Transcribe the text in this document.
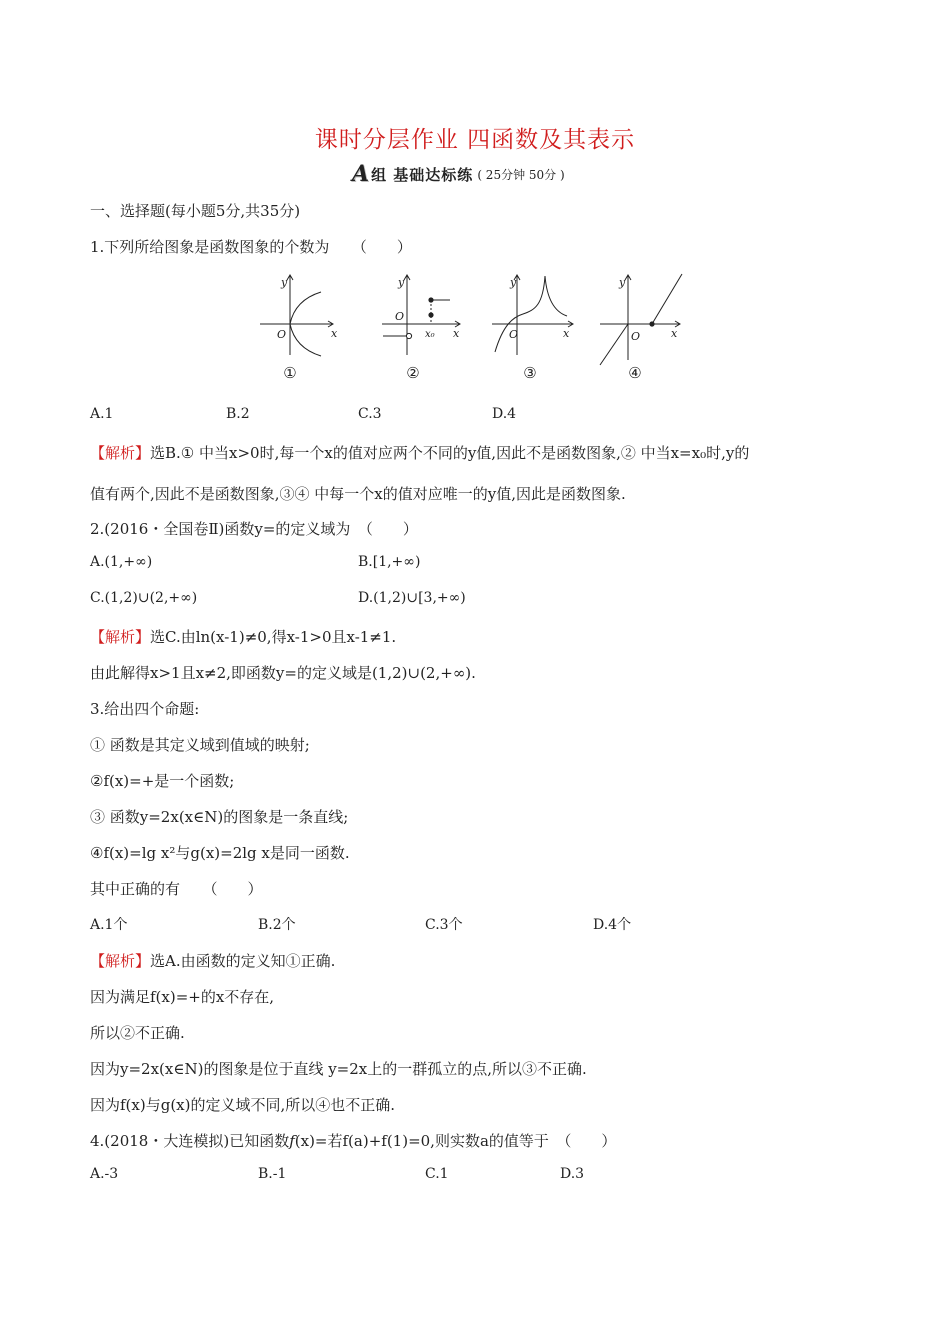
课时分层作业 四函数及其表示
A 组 基础达标练 ( 25分钟 50分 )
一、选择题(每小题5分,共35分)
1.下列所给图象是函数图象的个数为　　（　　）
y
x
O
y
x
O
x₀
y
x
O
y
x
O
①	②	③	④
A.1	B.2	C.3	D.4
【解析】选B.① 中当x>0时,每一个x的值对应两个不同的y值,因此不是函数图象,② 中当x=x₀时,y的
值有两个,因此不是函数图象,③④ 中每一个x的值对应唯一的y值,因此是函数图象.
2.(2016・全国卷Ⅱ)函数y=的定义域为　（　　）
A.(1,+∞)	B.[1,+∞)
C.(1,2)∪(2,+∞)	D.(1,2)∪[3,+∞)
【解析】选C.由ln(x-1)≠0,得x-1>0且x-1≠1.
由此解得x>1且x≠2,即函数y=的定义域是(1,2)∪(2,+∞).
3.给出四个命题:
① 函数是其定义域到值域的映射;
②f(x)=+是一个函数;
③ 函数y=2x(x∈N)的图象是一条直线;
④f(x)=lg x²与g(x)=2lg x是同一函数.
其中正确的有　　（　　）
A.1个	B.2个	C.3个	D.4个
【解析】选A.由函数的定义知①正确.
因为满足f(x)=+的x不存在,
所以②不正确.
因为y=2x(x∈N)的图象是位于直线 y=2x上的一群孤立的点,所以③不正确.
因为f(x)与g(x)的定义域不同,所以④也不正确.
4.(2018・大连模拟)已知函数f(x)=若f(a)+f(1)=0,则实数a的值等于　（　　）
A.-3	B.-1	C.1	D.3
